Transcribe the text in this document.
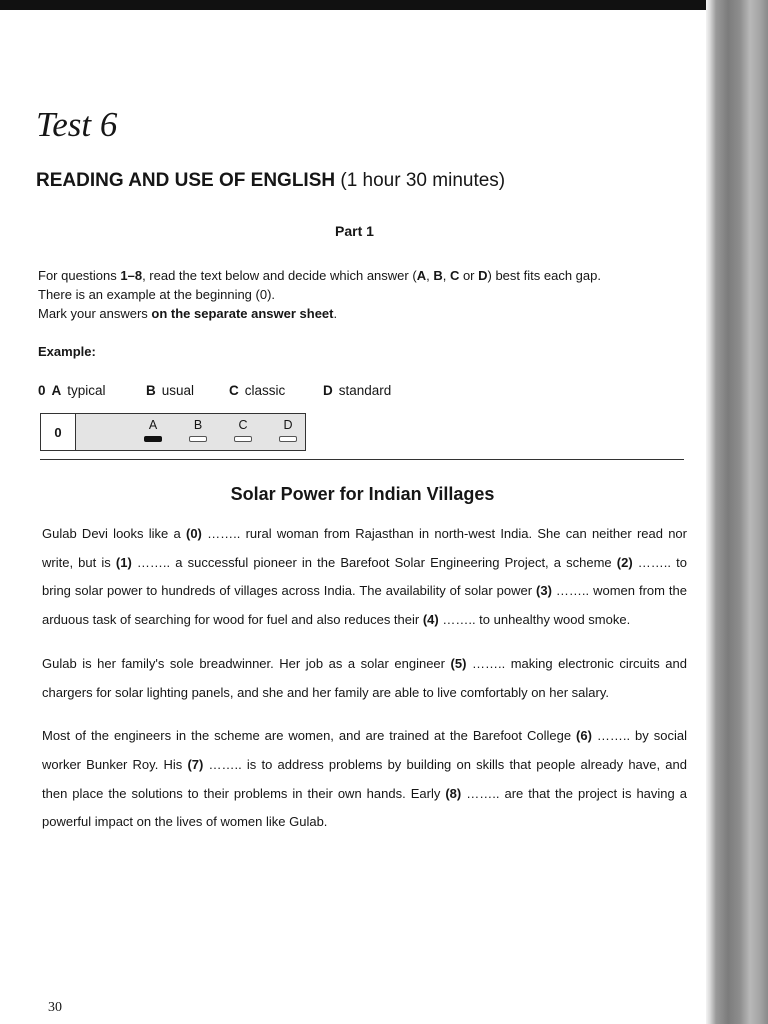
Test 6
READING AND USE OF ENGLISH (1 hour 30 minutes)
Part 1

For questions 1–8, read the text below and decide which answer (A, B, C or D) best fits each gap.

There is an example at the beginning (0).

Mark your answers on the separate answer sheet.

Example:
0 A typical	B usual	C classic	D standard
0	A	B	C	D
Solar Power for Indian Villages

Gulab Devi looks like a (0) …….. rural woman from Rajasthan in north-west India. She can neither read nor write, but is (1) …….. a successful pioneer in the Barefoot Solar Engineering Project, a scheme (2) …….. to bring solar power to hundreds of villages across India. The availability of solar power (3) …….. women from the arduous task of searching for wood for fuel and also reduces their (4) …….. to unhealthy wood smoke.

Gulab is her family's sole breadwinner. Her job as a solar engineer (5) …….. making electronic circuits and chargers for solar lighting panels, and she and her family are able to live comfortably on her salary.

Most of the engineers in the scheme are women, and are trained at the Barefoot College (6) …….. by social worker Bunker Roy. His (7) …….. is to address problems by building on skills that people already have, and then place the solutions to their problems in their own hands. Early (8) …….. are that the project is having a powerful impact on the lives of women like Gulab.

30
